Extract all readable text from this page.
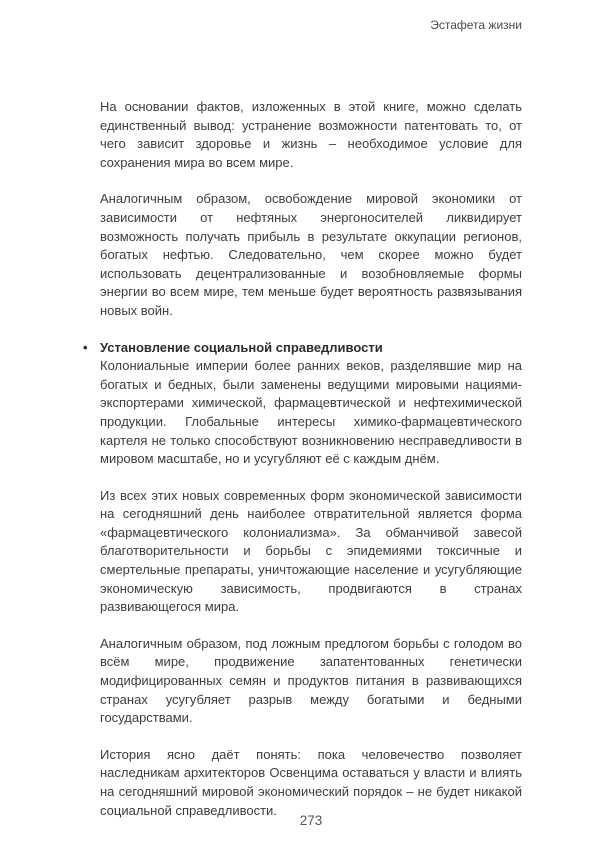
Эстафета жизни

На основании фактов, изложенных в этой книге, можно сделать единственный вывод: устранение возможности патентовать то, от чего зависит здоровье и жизнь – необходимое условие для сохранения мира во всем мире.

Аналогичным образом, освобождение мировой экономики от зависимости от нефтяных энергоносителей ликвидирует возможность получать прибыль в результате оккупации регионов, богатых нефтью. Следовательно, чем скорее можно будет использовать децентрализованные и возобновляемые формы энергии во всем мире, тем меньше будет вероятность развязывания новых войн.

• Установление социальной справедливости

Колониальные империи более ранних веков, разделявшие мир на богатых и бедных, были заменены ведущими мировыми нациями-экспортерами химической, фармацевтической и нефтехимической продукции. Глобальные интересы химико-фармацевтического картеля не только способствуют возникновению несправедливости в мировом масштабе, но и усугубляют её с каждым днём.

Из всех этих новых современных форм экономической зависимости на сегодняшний день наиболее отвратительной является форма «фармацевтического колониализма». За обманчивой завесой благотворительности и борьбы с эпидемиями токсичные и смертельные препараты, уничтожающие население и усугубляющие экономическую зависимость, продвигаются в странах развивающегося мира.

Аналогичным образом, под ложным предлогом борьбы с голодом во всём мире, продвижение запатентованных генетически модифицированных семян и продуктов питания в развивающихся странах усугубляет разрыв между богатыми и бедными государствами.

История ясно даёт понять: пока человечество позволяет наследникам архитекторов Освенцима оставаться у власти и влиять на сегодняшний мировой экономический порядок – не будет никакой социальной справедливости.

273
